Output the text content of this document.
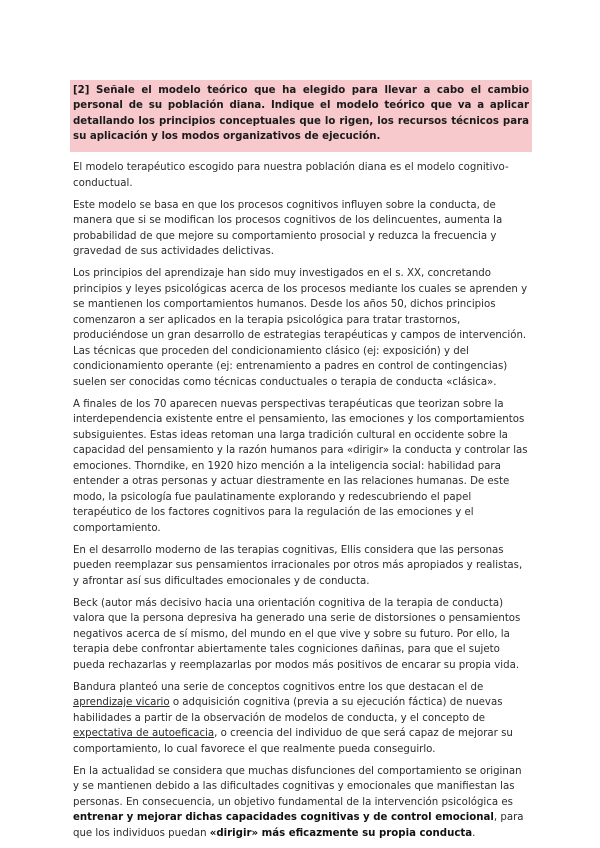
[2] Señale el modelo teórico que ha elegido para llevar a cabo el cambio personal de su población diana. Indique el modelo teórico que va a aplicar detallando los principios conceptuales que lo rigen, los recursos técnicos para su aplicación y los modos organizativos de ejecución.

El modelo terapéutico escogido para nuestra población diana es el modelo cognitivo-conductual.

Este modelo se basa en que los procesos cognitivos influyen sobre la conducta, de manera que si se modifican los procesos cognitivos de los delincuentes, aumenta la probabilidad de que mejore su comportamiento prosocial y reduzca la frecuencia y gravedad de sus actividades delictivas.

Los principios del aprendizaje han sido muy investigados en el s. XX, concretando principios y leyes psicológicas acerca de los procesos mediante los cuales se aprenden y se mantienen los comportamientos humanos. Desde los años 50, dichos principios comenzaron a ser aplicados en la terapia psicológica para tratar trastornos, produciéndose un gran desarrollo de estrategias terapéuticas y campos de intervención. Las técnicas que proceden del condicionamiento clásico (ej: exposición) y del condicionamiento operante (ej: entrenamiento a padres en control de contingencias) suelen ser conocidas como técnicas conductuales o terapia de conducta «clásica».

A finales de los 70 aparecen nuevas perspectivas terapéuticas que teorizan sobre la interdependencia existente entre el pensamiento, las emociones y los comportamientos subsiguientes. Estas ideas retoman una larga tradición cultural en occidente sobre la capacidad del pensamiento y la razón humanos para «dirigir» la conducta y controlar las emociones. Thorndike, en 1920 hizo mención a la inteligencia social: habilidad para entender a otras personas y actuar diestramente en las relaciones humanas. De este modo, la psicología fue paulatinamente explorando y redescubriendo el papel terapéutico de los factores cognitivos para la regulación de las emociones y el comportamiento.

En el desarrollo moderno de las terapias cognitivas, Ellis considera que las personas pueden reemplazar sus pensamientos irracionales por otros más apropiados y realistas, y afrontar así sus dificultades emocionales y de conducta.

Beck (autor más decisivo hacia una orientación cognitiva de la terapia de conducta) valora que la persona depresiva ha generado una serie de distorsiones o pensamientos negativos acerca de sí mismo, del mundo en el que vive y sobre su futuro. Por ello, la terapia debe confrontar abiertamente tales cogniciones dañinas, para que el sujeto pueda rechazarlas y reemplazarlas por modos más positivos de encarar su propia vida.

Bandura planteó una serie de conceptos cognitivos entre los que destacan el de aprendizaje vicario o adquisición cognitiva (previa a su ejecución fáctica) de nuevas habilidades a partir de la observación de modelos de conducta, y el concepto de expectativa de autoeficacia, o creencia del individuo de que será capaz de mejorar su comportamiento, lo cual favorece el que realmente pueda conseguirlo.

En la actualidad se considera que muchas disfunciones del comportamiento se originan y se mantienen debido a las dificultades cognitivas y emocionales que manifiestan las personas. En consecuencia, un objetivo fundamental de la intervención psicológica es entrenar y mejorar dichas capacidades cognitivas y de control emocional, para que los individuos puedan «dirigir» más eficazmente su propia conducta.
